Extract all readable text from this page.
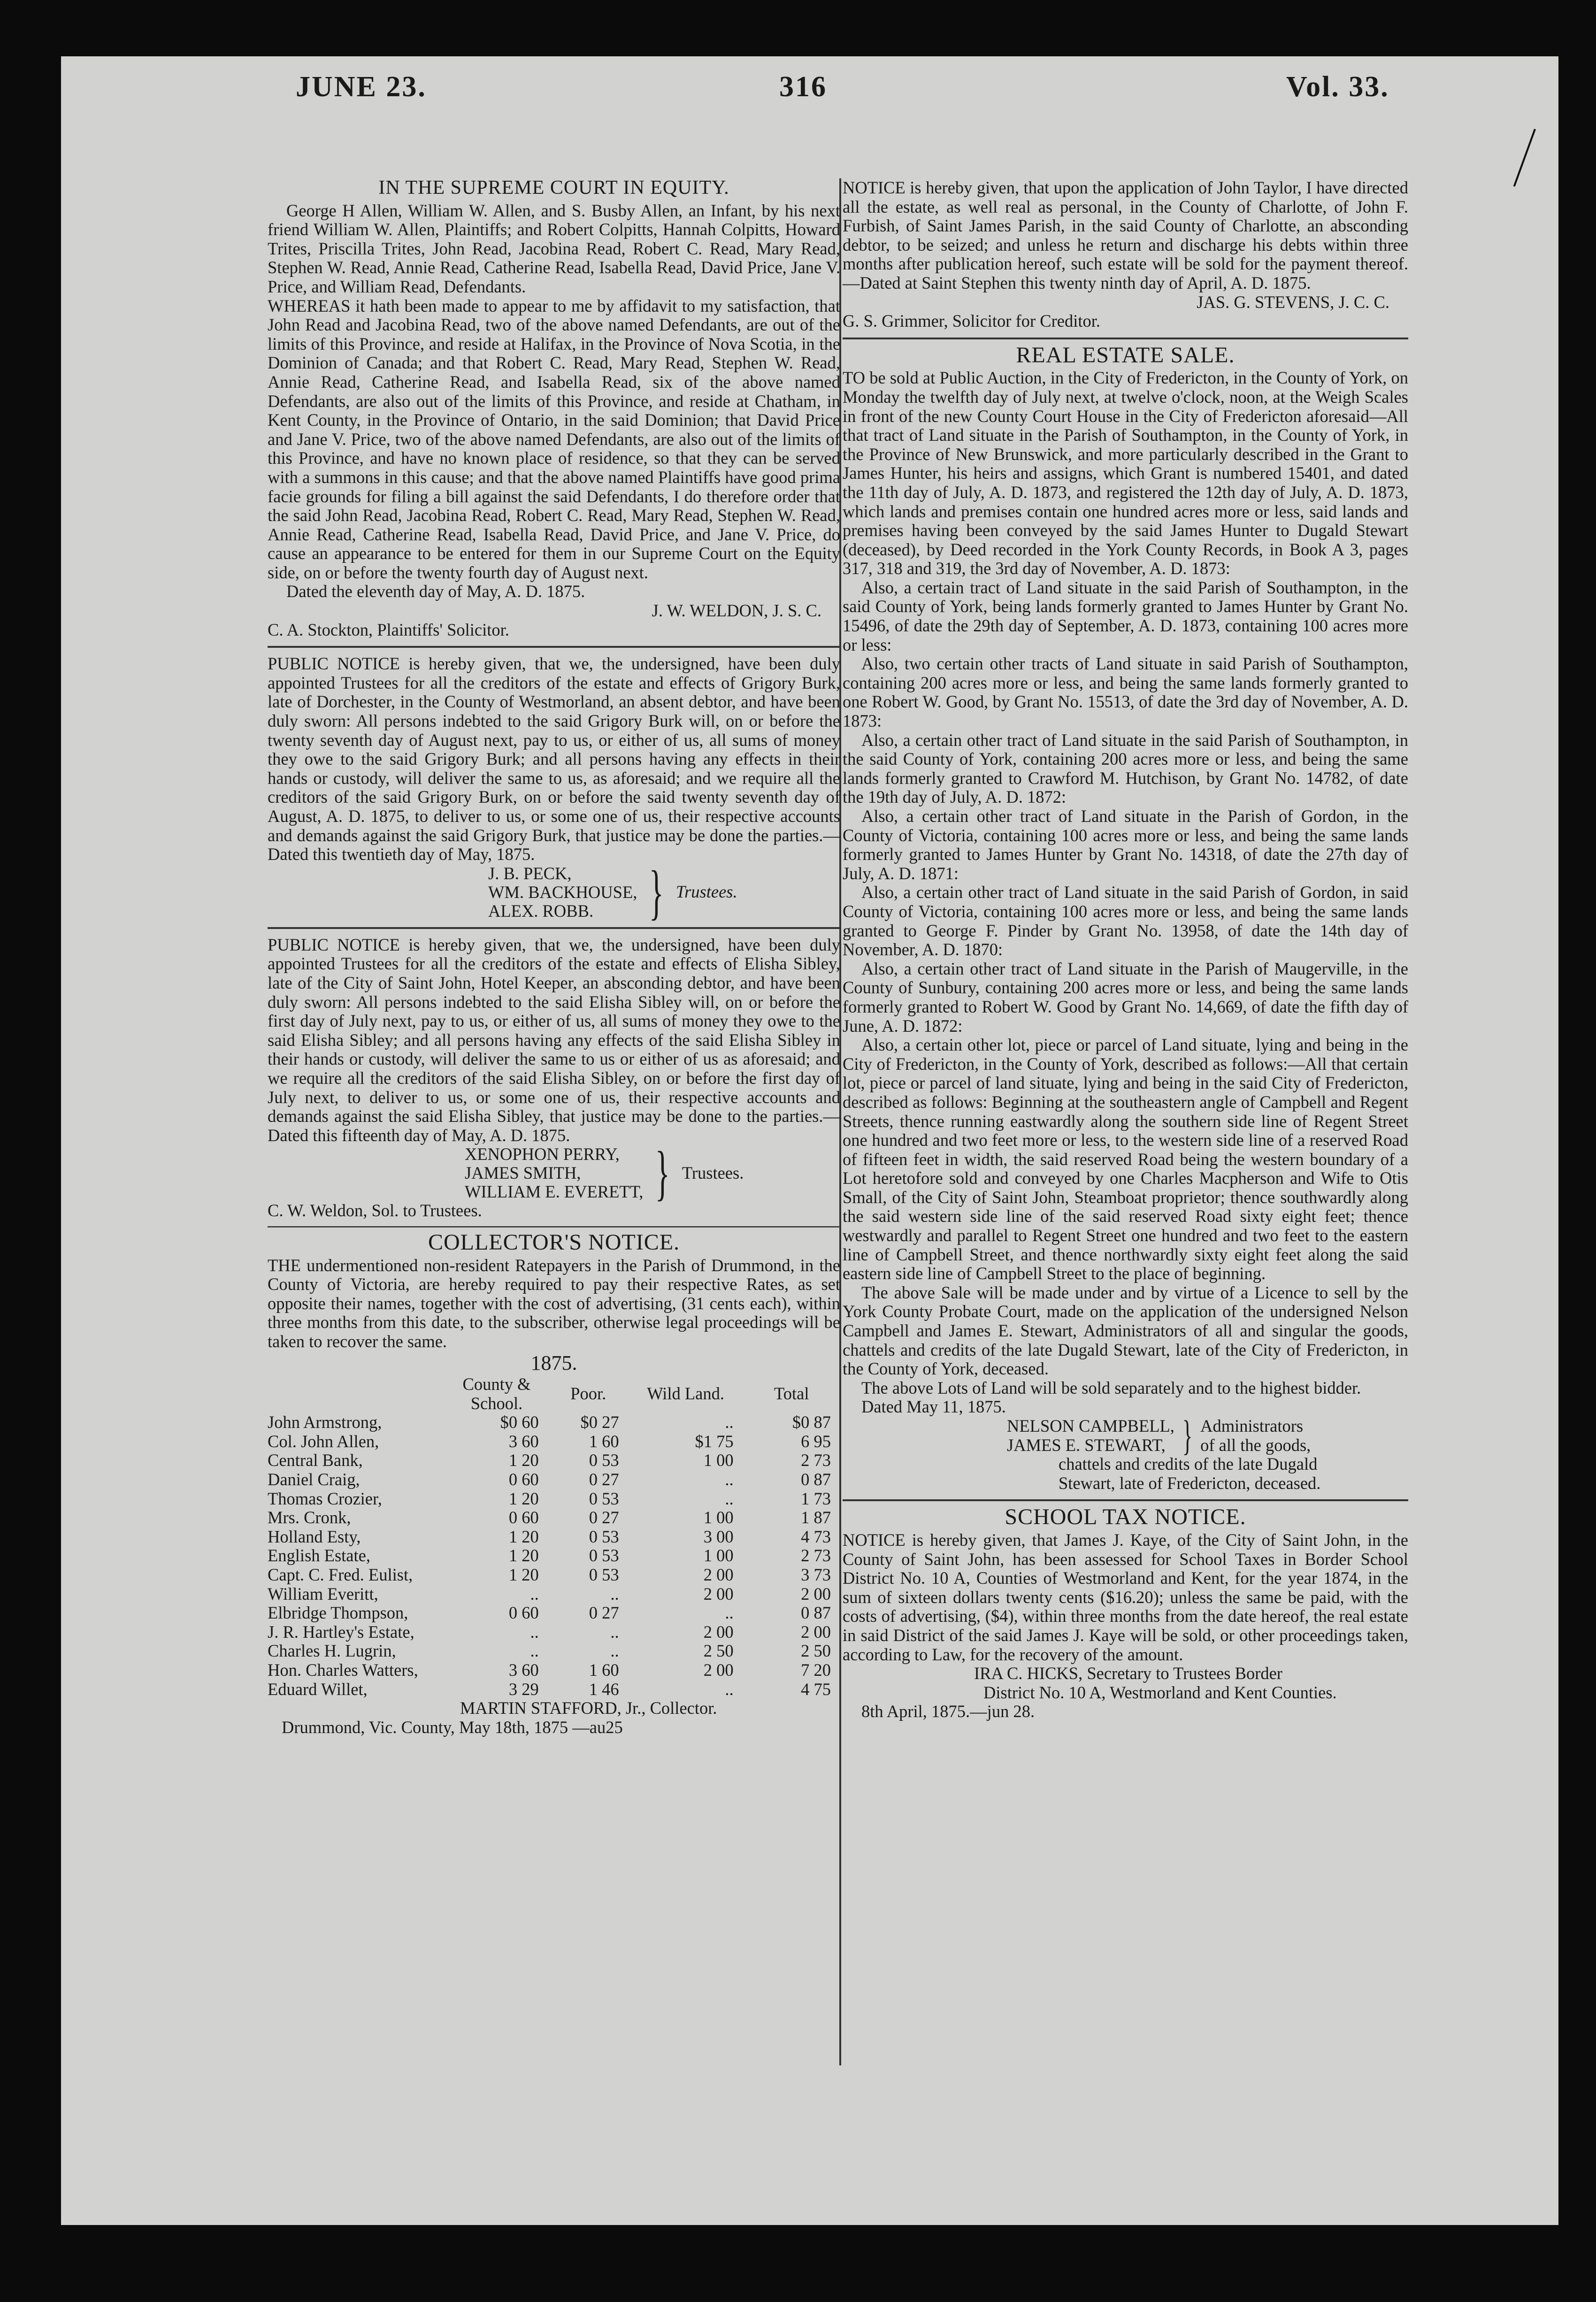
JUNE 23.	316	Vol. 33.
IN THE SUPREME COURT IN EQUITY.

George H Allen, William W. Allen, and S. Busby Allen, an Infant, by his next friend William W. Allen, Plaintiffs; and Robert Colpitts, Hannah Colpitts, Howard Trites, Priscilla Trites, John Read, Jacobina Read, Robert C. Read, Mary Read, Stephen W. Read, Annie Read, Catherine Read, Isabella Read, David Price, Jane V. Price, and William Read, Defendants.

WHEREAS it hath been made to appear to me by affidavit to my satisfaction, that John Read and Jacobina Read, two of the above named Defendants, are out of the limits of this Province, and reside at Halifax, in the Province of Nova Scotia, in the Dominion of Canada; and that Robert C. Read, Mary Read, Stephen W. Read, Annie Read, Catherine Read, and Isabella Read, six of the above named Defendants, are also out of the limits of this Province, and reside at Chatham, in Kent County, in the Province of Ontario, in the said Dominion; that David Price and Jane V. Price, two of the above named Defendants, are also out of the limits of this Province, and have no known place of residence, so that they can be served with a summons in this cause; and that the above named Plaintiffs have good prima facie grounds for filing a bill against the said Defendants, I do therefore order that the said John Read, Jacobina Read, Robert C. Read, Mary Read, Stephen W. Read, Annie Read, Catherine Read, Isabella Read, David Price, and Jane V. Price, do cause an appearance to be entered for them in our Supreme Court on the Equity side, on or before the twenty fourth day of August next.

Dated the eleventh day of May, A. D. 1875.

J. W. WELDON, J. S. C.

C. A. Stockton, Plaintiffs' Solicitor.

PUBLIC NOTICE is hereby given, that we, the undersigned, have been duly appointed Trustees for all the creditors of the estate and effects of Grigory Burk, late of Dorchester, in the County of Westmorland, an absent debtor, and have been duly sworn: All persons indebted to the said Grigory Burk will, on or before the twenty seventh day of August next, pay to us, or either of us, all sums of money they owe to the said Grigory Burk; and all persons having any effects in their hands or custody, will deliver the same to us, as aforesaid; and we require all the creditors of the said Grigory Burk, on or before the said twenty seventh day of August, A. D. 1875, to deliver to us, or some one of us, their respective accounts and demands against the said Grigory Burk, that justice may be done the parties.—Dated this twentieth day of May, 1875.

J. B. PECK,
WM. BACKHOUSE,
ALEX. ROBB. } Trustees.

PUBLIC NOTICE is hereby given, that we, the undersigned, have been duly appointed Trustees for all the creditors of the estate and effects of Elisha Sibley, late of the City of Saint John, Hotel Keeper, an absconding debtor, and have been duly sworn: All persons indebted to the said Elisha Sibley will, on or before the first day of July next, pay to us, or either of us, all sums of money they owe to the said Elisha Sibley; and all persons having any effects of the said Elisha Sibley in their hands or custody, will deliver the same to us or either of us as aforesaid; and we require all the creditors of the said Elisha Sibley, on or before the first day of July next, to deliver to us, or some one of us, their respective accounts and demands against the said Elisha Sibley, that justice may be done to the parties.—Dated this fifteenth day of May, A. D. 1875.

XENOPHON PERRY,
JAMES SMITH,
WILLIAM E. EVERETT, } Trustees.

C. W. Weldon, Sol. to Trustees.

COLLECTOR'S NOTICE.

THE undermentioned non-resident Ratepayers in the Parish of Drummond, in the County of Victoria, are hereby required to pay their respective Rates, as set opposite their names, together with the cost of advertising, (31 cents each), within three months from this date, to the subscriber, otherwise legal proceedings will be taken to recover the same.

1875.
	County & School.	Poor.	Wild Land.	Total
John Armstrong,	$0 60	$0 27	..	$0 87
Col. John Allen,	3 60	1 60	$1 75	6 95
Central Bank,	1 20	0 53	1 00	2 73
Daniel Craig,	0 60	0 27	..	0 87
Thomas Crozier,	1 20	0 53	..	1 73
Mrs. Cronk,	0 60	0 27	1 00	1 87
Holland Esty,	1 20	0 53	3 00	4 73
English Estate,	1 20	0 53	1 00	2 73
Capt. C. Fred. Eulist,	1 20	0 53	2 00	3 73
William Everitt,	..	..	2 00	2 00
Elbridge Thompson,	0 60	0 27	..	0 87
J. R. Hartley's Estate,	..	..	2 00	2 00
Charles H. Lugrin,	..	..	2 50	2 50
Hon. Charles Watters,	3 60	1 60	2 00	7 20
Eduard Willet,	3 29	1 46	..	4 75

MARTIN STAFFORD, Jr., Collector.

Drummond, Vic. County, May 18th, 1875 —au25

NOTICE is hereby given, that upon the application of John Taylor, I have directed all the estate, as well real as personal, in the County of Charlotte, of John F. Furbish, of Saint James Parish, in the said County of Charlotte, an absconding debtor, to be seized; and unless he return and discharge his debts within three months after publication hereof, such estate will be sold for the payment thereof.—Dated at Saint Stephen this twenty ninth day of April, A. D. 1875.

JAS. G. STEVENS, J. C. C.

G. S. Grimmer, Solicitor for Creditor.

REAL ESTATE SALE.

TO be sold at Public Auction, in the City of Fredericton, in the County of York, on Monday the twelfth day of July next, at twelve o'clock, noon, at the Weigh Scales in front of the new County Court House in the City of Fredericton aforesaid—All that tract of Land situate in the Parish of Southampton, in the County of York, in the Province of New Brunswick, and more particularly described in the Grant to James Hunter, his heirs and assigns, which Grant is numbered 15401, and dated the 11th day of July, A. D. 1873, and registered the 12th day of July, A. D. 1873, which lands and premises contain one hundred acres more or less, said lands and premises having been conveyed by the said James Hunter to Dugald Stewart (deceased), by Deed recorded in the York County Records, in Book A 3, pages 317, 318 and 319, the 3rd day of November, A. D. 1873:

Also, a certain tract of Land situate in the said Parish of Southampton, in the said County of York, being lands formerly granted to James Hunter by Grant No. 15496, of date the 29th day of September, A. D. 1873, containing 100 acres more or less:

Also, two certain other tracts of Land situate in said Parish of Southampton, containing 200 acres more or less, and being the same lands formerly granted to one Robert W. Good, by Grant No. 15513, of date the 3rd day of November, A. D. 1873:

Also, a certain other tract of Land situate in the said Parish of Southampton, in the said County of York, containing 200 acres more or less, and being the same lands formerly granted to Crawford M. Hutchison, by Grant No. 14782, of date the 19th day of July, A. D. 1872:

Also, a certain other tract of Land situate in the Parish of Gordon, in the County of Victoria, containing 100 acres more or less, and being the same lands formerly granted to James Hunter by Grant No. 14318, of date the 27th day of July, A. D. 1871:

Also, a certain other tract of Land situate in the said Parish of Gordon, in said County of Victoria, containing 100 acres more or less, and being the same lands granted to George F. Pinder by Grant No. 13958, of date the 14th day of November, A. D. 1870:

Also, a certain other tract of Land situate in the Parish of Maugerville, in the County of Sunbury, containing 200 acres more or less, and being the same lands formerly granted to Robert W. Good by Grant No. 14,669, of date the fifth day of June, A. D. 1872:

Also, a certain other lot, piece or parcel of Land situate, lying and being in the City of Fredericton, in the County of York, described as follows:—All that certain lot, piece or parcel of land situate, lying and being in the said City of Fredericton, described as follows: Beginning at the southeastern angle of Campbell and Regent Streets, thence running eastwardly along the southern side line of Regent Street one hundred and two feet more or less, to the western side line of a reserved Road of fifteen feet in width, the said reserved Road being the western boundary of a Lot heretofore sold and conveyed by one Charles Macpherson and Wife to Otis Small, of the City of Saint John, Steamboat proprietor; thence southwardly along the said western side line of the said reserved Road sixty eight feet; thence westwardly and parallel to Regent Street one hundred and two feet to the eastern line of Campbell Street, and thence northwardly sixty eight feet along the said eastern side line of Campbell Street to the place of beginning.

The above Sale will be made under and by virtue of a Licence to sell by the York County Probate Court, made on the application of the undersigned Nelson Campbell and James E. Stewart, Administrators of all and singular the goods, chattels and credits of the late Dugald Stewart, late of the City of Fredericton, in the County of York, deceased.

The above Lots of Land will be sold separately and to the highest bidder.

Dated May 11, 1875.

NELSON CAMPBELL,
JAMES E. STEWART, } Administrators
of all the goods,

chattels and credits of the late Dugald

Stewart, late of Fredericton, deceased.

SCHOOL TAX NOTICE.

NOTICE is hereby given, that James J. Kaye, of the City of Saint John, in the County of Saint John, has been assessed for School Taxes in Border School District No. 10 A, Counties of Westmorland and Kent, for the year 1874, in the sum of sixteen dollars twenty cents ($16.20); unless the same be paid, with the costs of advertising, ($4), within three months from the date hereof, the real estate in said District of the said James J. Kaye will be sold, or other proceedings taken, according to Law, for the recovery of the amount.

IRA C. HICKS, Secretary to Trustees Border

District No. 10 A, Westmorland and Kent Counties.

8th April, 1875.—jun 28.
